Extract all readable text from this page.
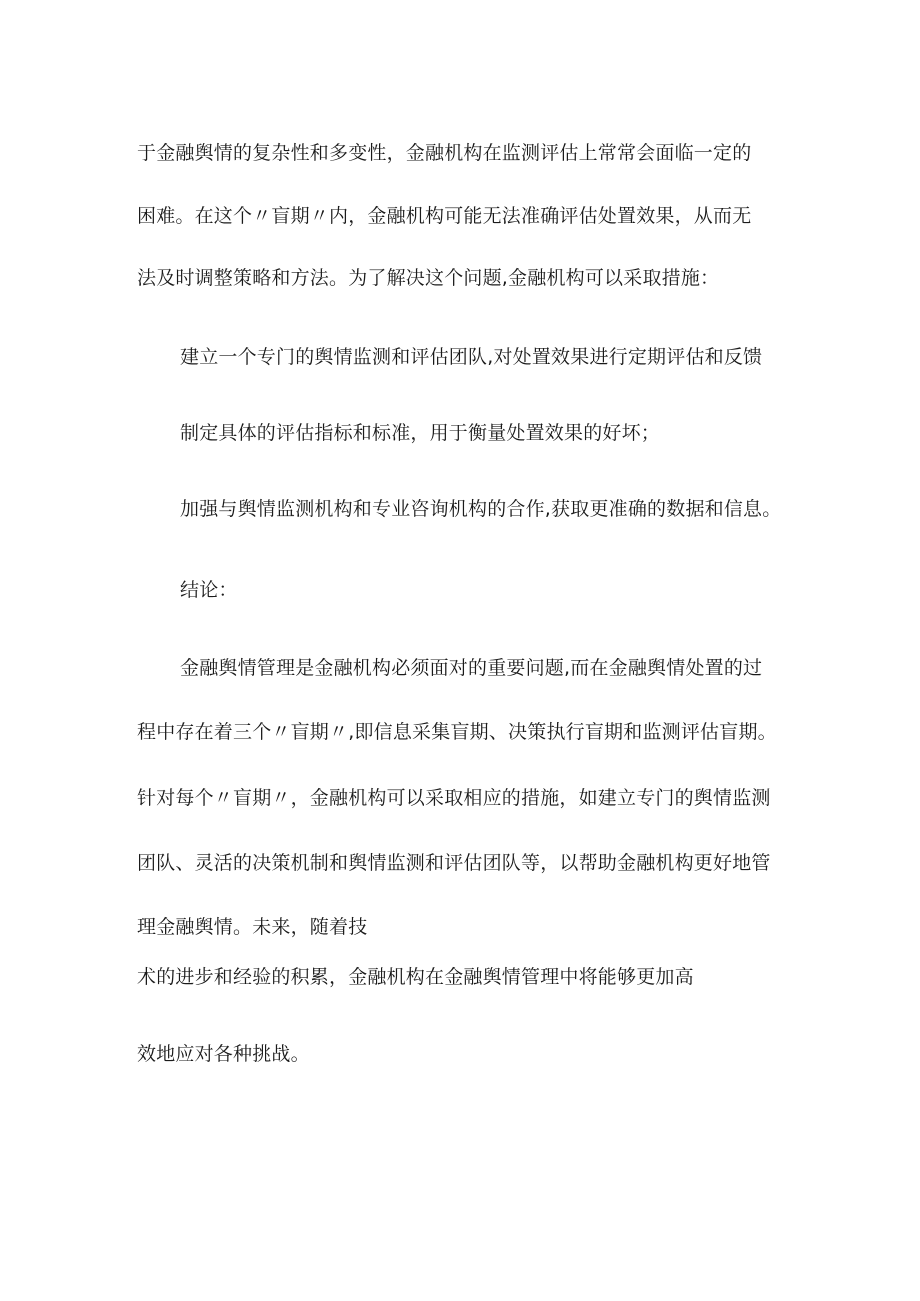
于金融舆情的复杂性和多变性，金融机构在监测评估上常常会面临一定的
困难。在这个〃盲期〃内，金融机构可能无法准确评估处置效果，从而无
法及时调整策略和方法。为了解决这个问题,金融机构可以采取措施：
建立一个专门的舆情监测和评估团队,对处置效果进行定期评估和反馈
制定具体的评估指标和标准，用于衡量处置效果的好坏；
加强与舆情监测机构和专业咨询机构的合作,获取更准确的数据和信息。
结论：
金融舆情管理是金融机构必须面对的重要问题,而在金融舆情处置的过
程中存在着三个〃盲期〃,即信息采集盲期、决策执行盲期和监测评估盲期。
针对每个〃盲期〃，金融机构可以采取相应的措施，如建立专门的舆情监测
团队、灵活的决策机制和舆情监测和评估团队等，以帮助金融机构更好地管
理金融舆情。未来，随着技
术的进步和经验的积累，金融机构在金融舆情管理中将能够更加高
效地应对各种挑战。
